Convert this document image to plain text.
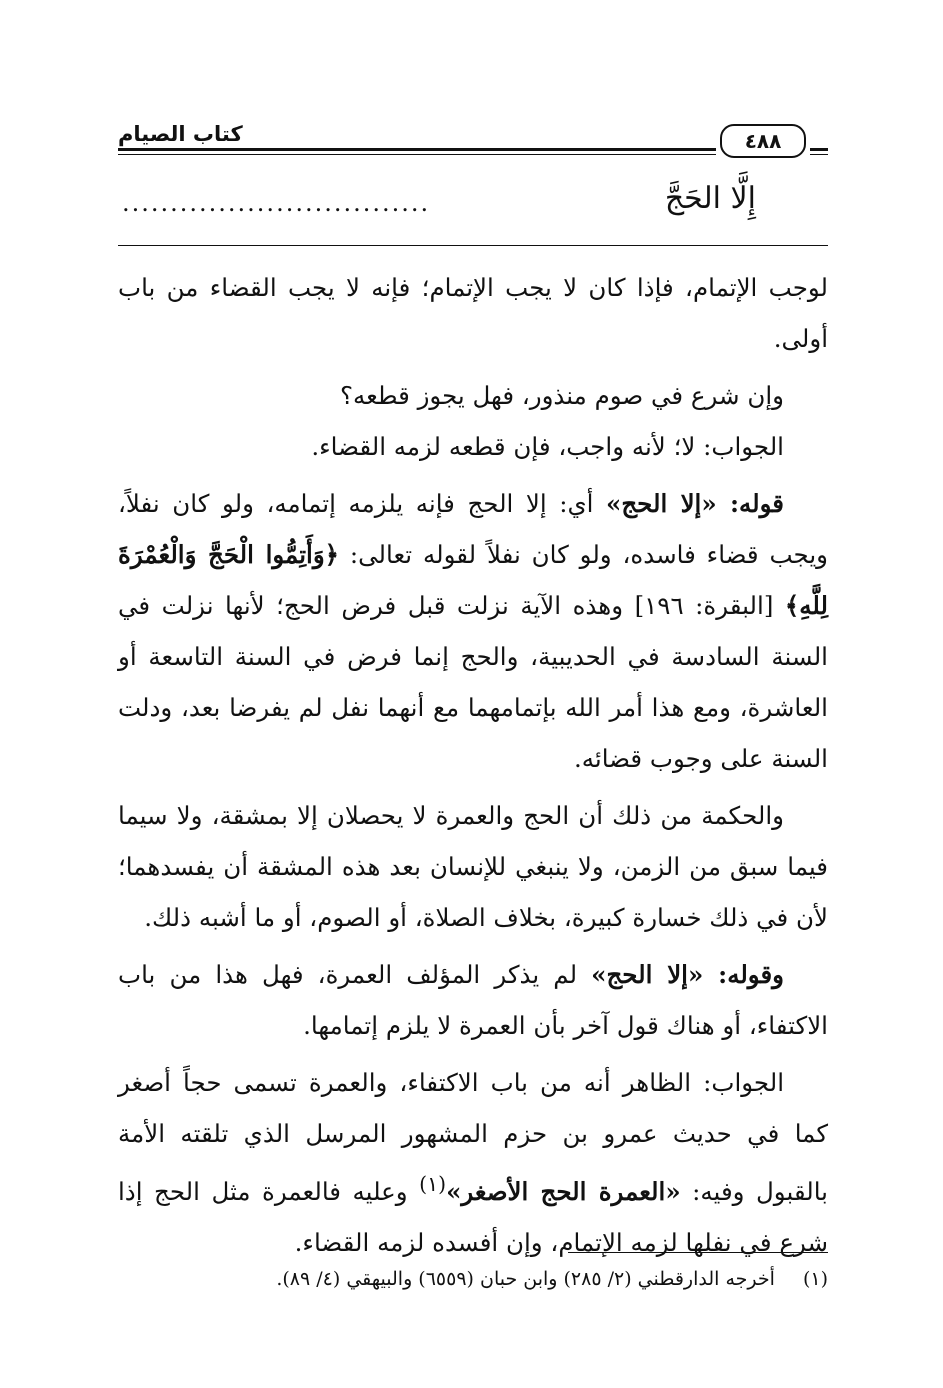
كتاب الصيام	٤٨٨
إِلَّا الحَجَّ
................................

لوجب الإتمام، فإذا كان لا يجب الإتمام؛ فإنه لا يجب القضاء من باب أولى.

وإن شرع في صوم منذور، فهل يجوز قطعه؟

الجواب: لا؛ لأنه واجب، فإن قطعه لزمه القضاء.

قوله: «إلا الحج» أي: إلا الحج فإنه يلزمه إتمامه، ولو كان نفلاً، ويجب قضاء فاسده، ولو كان نفلاً لقوله تعالى: ﴿وَأَتِمُّوا الْحَجَّ وَالْعُمْرَةَ لِلَّهِ﴾ [البقرة: ١٩٦] وهذه الآية نزلت قبل فرض الحج؛ لأنها نزلت في السنة السادسة في الحديبية، والحج إنما فرض في السنة التاسعة أو العاشرة، ومع هذا أمر الله بإتمامهما مع أنهما نفل لم يفرضا بعد، ودلت السنة على وجوب قضائه.

والحكمة من ذلك أن الحج والعمرة لا يحصلان إلا بمشقة، ولا سيما فيما سبق من الزمن، ولا ينبغي للإنسان بعد هذه المشقة أن يفسدهما؛ لأن في ذلك خسارة كبيرة، بخلاف الصلاة، أو الصوم، أو ما أشبه ذلك.

وقوله: «إلا الحج» لم يذكر المؤلف العمرة، فهل هذا من باب الاكتفاء، أو هناك قول آخر بأن العمرة لا يلزم إتمامها.

الجواب: الظاهر أنه من باب الاكتفاء، والعمرة تسمى حجاً أصغر كما في حديث عمرو بن حزم المشهور المرسل الذي تلقته الأمة بالقبول وفيه: «العمرة الحج الأصغر»$^{(١)}$ وعليه فالعمرة مثل الحج إذا شرع في نفلها لزمه الإتمام، وإن أفسده لزمه القضاء.

(١) أخرجه الدارقطني (٢/ ٢٨٥) وابن حبان (٦٥٥٩) والبيهقي (٤/ ٨٩).
